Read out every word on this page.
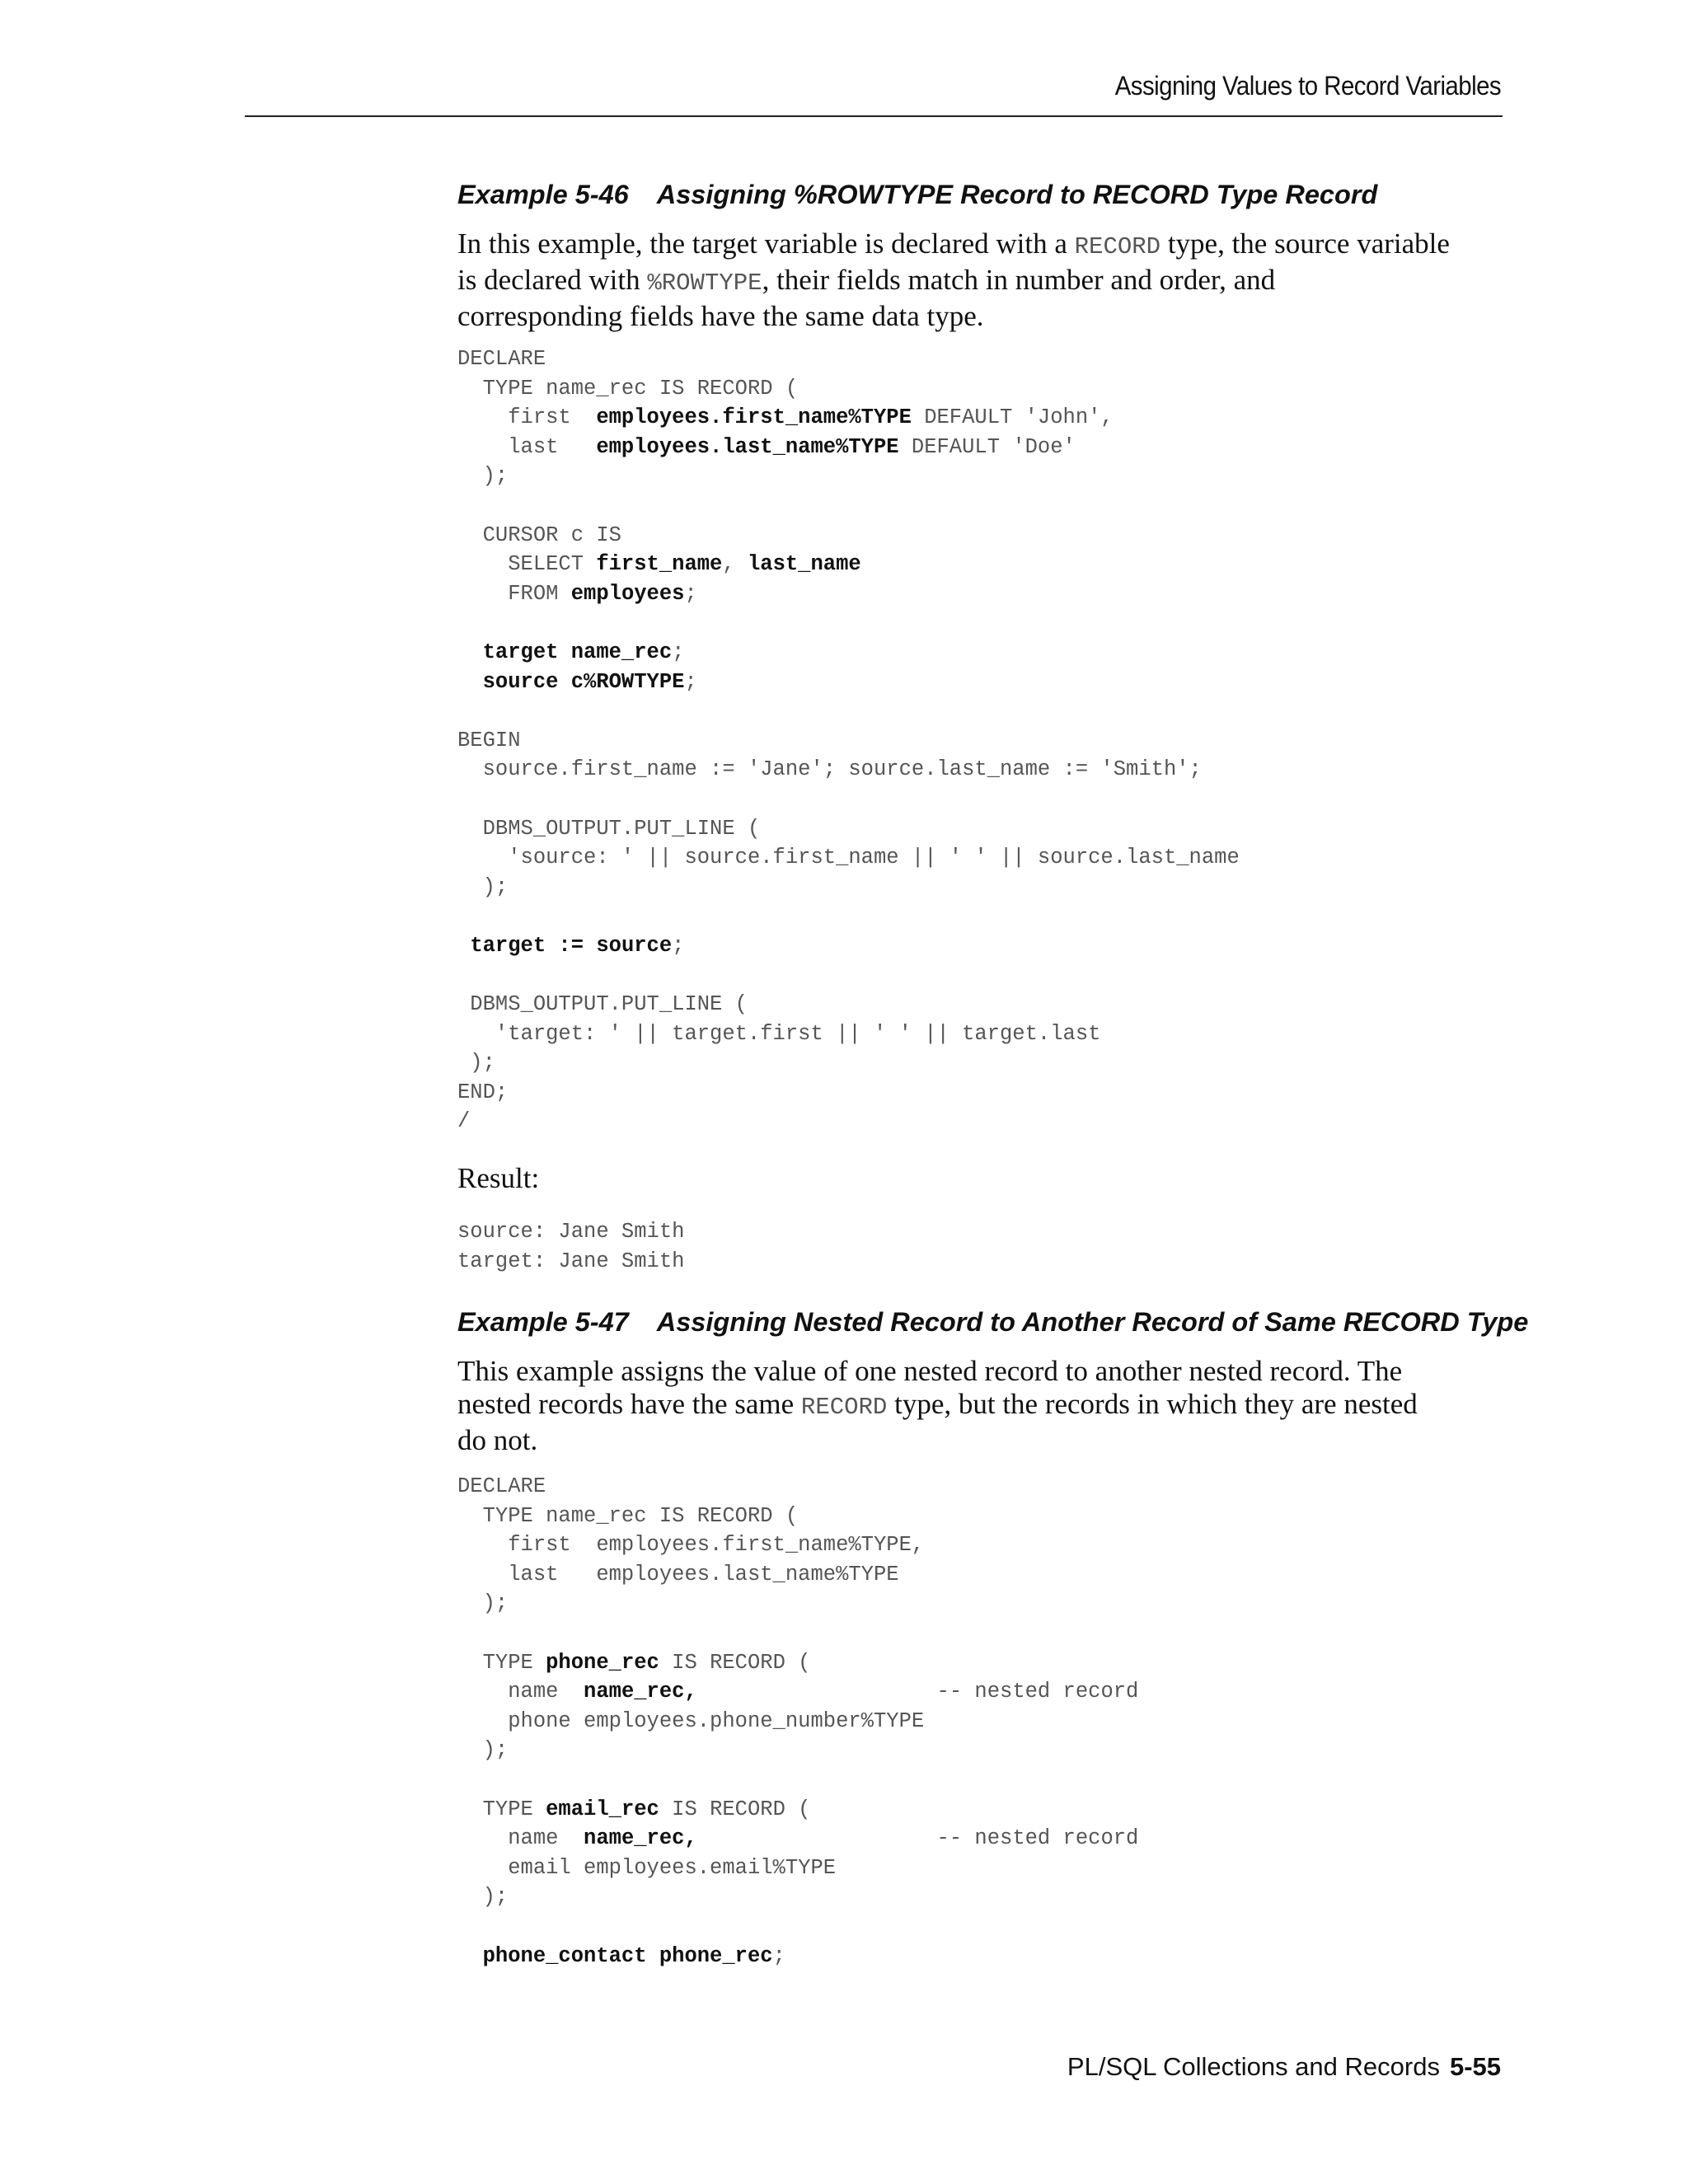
Assigning Values to Record Variables
Example 5-46 Assigning %ROWTYPE Record to RECORD Type Record
In this example, the target variable is declared with a RECORD type, the source variable
is declared with %ROWTYPE, their fields match in number and order, and
corresponding fields have the same data type.
DECLARE
TYPE name_rec IS RECORD (
first  employees.first_name%TYPE DEFAULT 'John',
last   employees.last_name%TYPE DEFAULT 'Doe'
);
CURSOR c IS
SELECT first_name, last_name
FROM employees;
target name_rec;
source c%ROWTYPE;
BEGIN
source.first_name := 'Jane'; source.last_name := 'Smith';
DBMS_OUTPUT.PUT_LINE (
'source: ' || source.first_name || ' ' || source.last_name
);
target := source;
DBMS_OUTPUT.PUT_LINE (
'target: ' || target.first || ' ' || target.last
);
END;
/
Result:
source: Jane Smith
target: Jane Smith
Example 5-47 Assigning Nested Record to Another Record of Same RECORD Type
This example assigns the value of one nested record to another nested record. The
nested records have the same RECORD type, but the records in which they are nested
do not.
DECLARE
TYPE name_rec IS RECORD (
first  employees.first_name%TYPE,
last   employees.last_name%TYPE
);
TYPE phone_rec IS RECORD (
name  name_rec,                   -- nested record
phone employees.phone_number%TYPE
);
TYPE email_rec IS RECORD (
name  name_rec,                   -- nested record
email employees.email%TYPE
);
phone_contact phone_rec;
PL/SQL Collections and Records 5-55
